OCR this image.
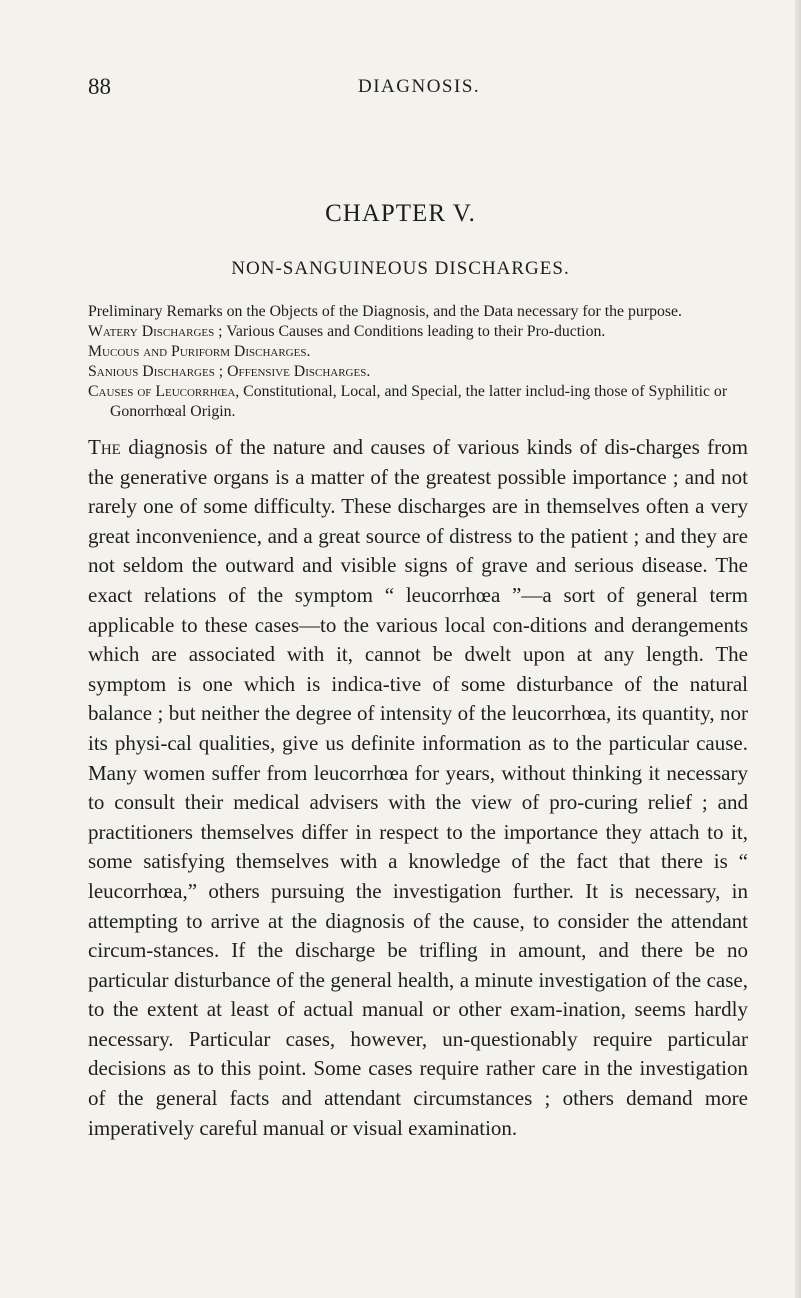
88	DIAGNOSIS.
CHAPTER V.
NON-SANGUINEOUS DISCHARGES.

Preliminary Remarks on the Objects of the Diagnosis, and the Data necessary for the purpose.

Watery Discharges ; Various Causes and Conditions leading to their Pro-duction.

Mucous and Puriform Discharges.

Sanious Discharges ; Offensive Discharges.

Causes of Leucorrhœa, Constitutional, Local, and Special, the latter includ-ing those of Syphilitic or Gonorrhœal Origin.

The diagnosis of the nature and causes of various kinds of dis-charges from the generative organs is a matter of the greatest possible importance ; and not rarely one of some difficulty. These discharges are in themselves often a very great inconvenience, and a great source of distress to the patient ; and they are not seldom the outward and visible signs of grave and serious disease. The exact relations of the symptom “ leucorrhœa ”—a sort of general term applicable to these cases—to the various local con-ditions and derangements which are associated with it, cannot be dwelt upon at any length. The symptom is one which is indica-tive of some disturbance of the natural balance ; but neither the degree of intensity of the leucorrhœa, its quantity, nor its physi-cal qualities, give us definite information as to the particular cause. Many women suffer from leucorrhœa for years, without thinking it necessary to consult their medical advisers with the view of pro-curing relief ; and practitioners themselves differ in respect to the importance they attach to it, some satisfying themselves with a knowledge of the fact that there is “ leucorrhœa,” others pursuing the investigation further. It is necessary, in attempting to arrive at the diagnosis of the cause, to consider the attendant circum-stances. If the discharge be trifling in amount, and there be no particular disturbance of the general health, a minute investigation of the case, to the extent at least of actual manual or other exam-ination, seems hardly necessary. Particular cases, however, un-questionably require particular decisions as to this point. Some cases require rather care in the investigation of the general facts and attendant circumstances ; others demand more imperatively careful manual or visual examination.
